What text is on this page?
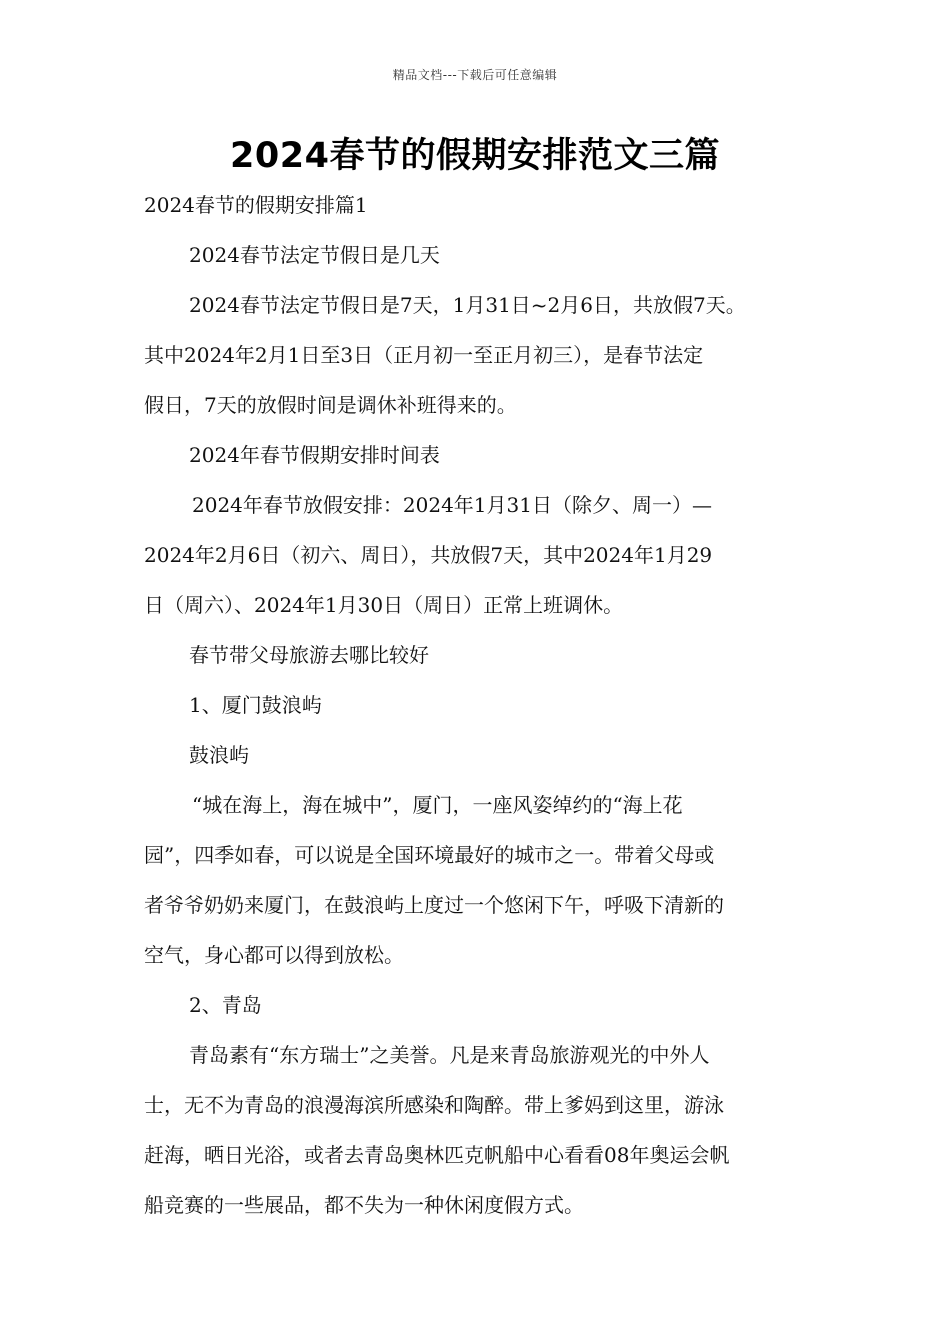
精品文档---下载后可任意编辑
2024春节的假期安排范文三篇

2024春节的假期安排篇1

2024春节法定节假日是几天

2024春节法定节假日是7天，1月31日~2月6日，共放假7天。
其中2024年2月1日至3日（正月初一至正月初三），是春节法定
假日，7天的放假时间是调休补班得来的。

2024年春节假期安排时间表

2024年春节放假安排：2024年1月31日（除夕、周一）—
2024年2月6日（初六、周日），共放假7天，其中2024年1月29
日（周六）、2024年1月30日（周日）正常上班调休。

春节带父母旅游去哪比较好

1、厦门鼓浪屿

鼓浪屿

“城在海上，海在城中”，厦门，一座风姿绰约的“海上花
园”，四季如春，可以说是全国环境最好的城市之一。带着父母或
者爷爷奶奶来厦门，在鼓浪屿上度过一个悠闲下午，呼吸下清新的
空气，身心都可以得到放松。

2、青岛

青岛素有“东方瑞士”之美誉。凡是来青岛旅游观光的中外人
士，无不为青岛的浪漫海滨所感染和陶醉。带上爹妈到这里，游泳
赶海，晒日光浴，或者去青岛奥林匹克帆船中心看看08年奥运会帆
船竞赛的一些展品，都不失为一种休闲度假方式。
